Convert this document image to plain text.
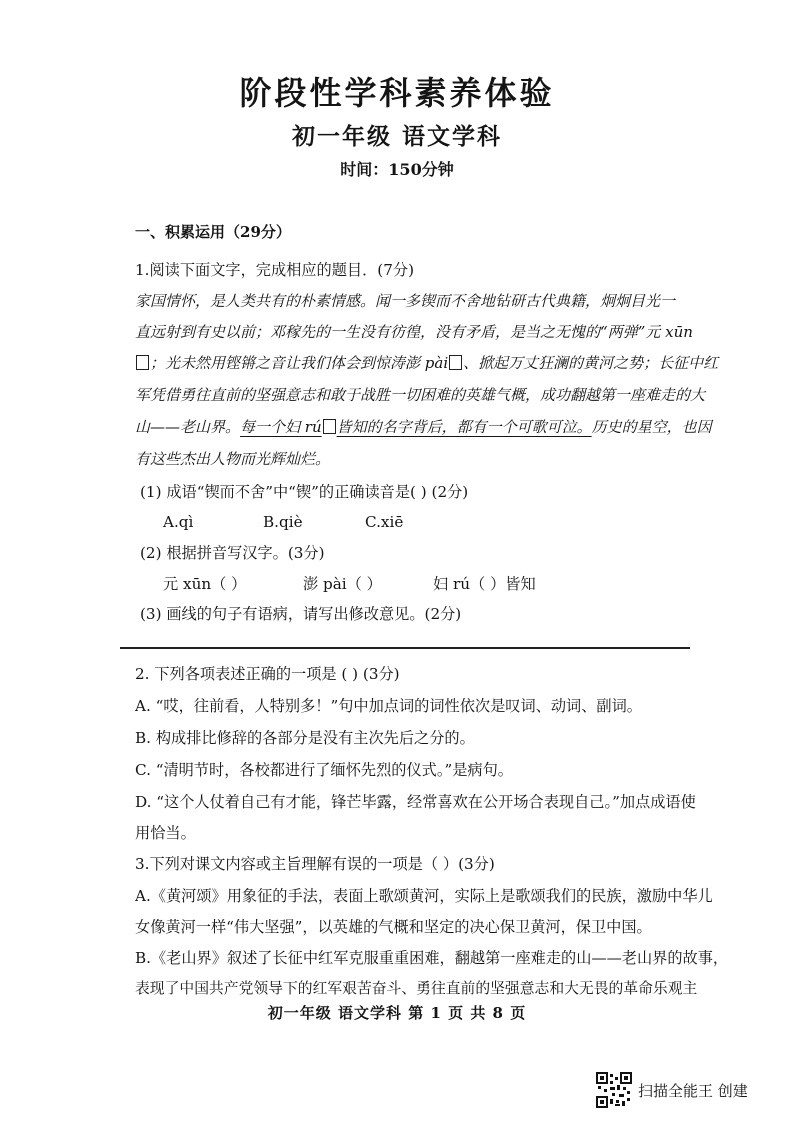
阶段性学科素养体验
初一年级 语文学科
时间：150分钟
一、积累运用（29分）
1.阅读下面文字，完成相应的题目．(7分)
家国情怀，是人类共有的朴素情感。闻一多锲而不舍地钻研古代典籍，炯炯目光一
直远射到有史以前；邓稼先的一生没有彷徨，没有矛盾，是当之无愧的“两弹”元 xūn
；光未然用铿锵之音让我们体会到惊涛澎 pài 、掀起万丈狂澜的黄河之势；长征中红
军凭借勇往直前的坚强意志和敢于战胜一切困难的英雄气概，成功翻越第一座难走的大
山——老山界。每一个妇 rú 皆知的名字背后，都有一个可歌可泣。历史的星空，也因
有这些杰出人物而光辉灿烂。
(1) 成语“锲而不舍”中“锲”的正确读音是( ) (2分)
A.qì	B.qiè	C.xiē
(2) 根据拼音写汉字。(3分)
元 xūn（ ）	澎 pài（ ）	妇 rú（ ）皆知
(3) 画线的句子有语病，请写出修改意见。(2分)
2. 下列各项表述正确的一项是 ( ) (3分)
A. “哎，往前看，人特别多！”句中加点词的词性依次是叹词、动词、副词。
B. 构成排比修辞的各部分是没有主次先后之分的。
C. “清明节时，各校都进行了缅怀先烈的仪式。”是病句。
D. “这个人仗着自己有才能，锋芒毕露，经常喜欢在公开场合表现自己。”加点成语使
用恰当。
3.下列对课文内容或主旨理解有误的一项是（ ）(3分)
A.《黄河颂》用象征的手法，表面上歌颂黄河，实际上是歌颂我们的民族，激励中华儿
女像黄河一样“伟大坚强”，以英雄的气概和坚定的决心保卫黄河，保卫中国。
B.《老山界》叙述了长征中红军克服重重困难，翻越第一座难走的山——老山界的故事，
表现了中国共产党领导下的红军艰苦奋斗、勇往直前的坚强意志和大无畏的革命乐观主
初一年级 语文学科 第 1 页 共 8 页
扫描全能王 创建
